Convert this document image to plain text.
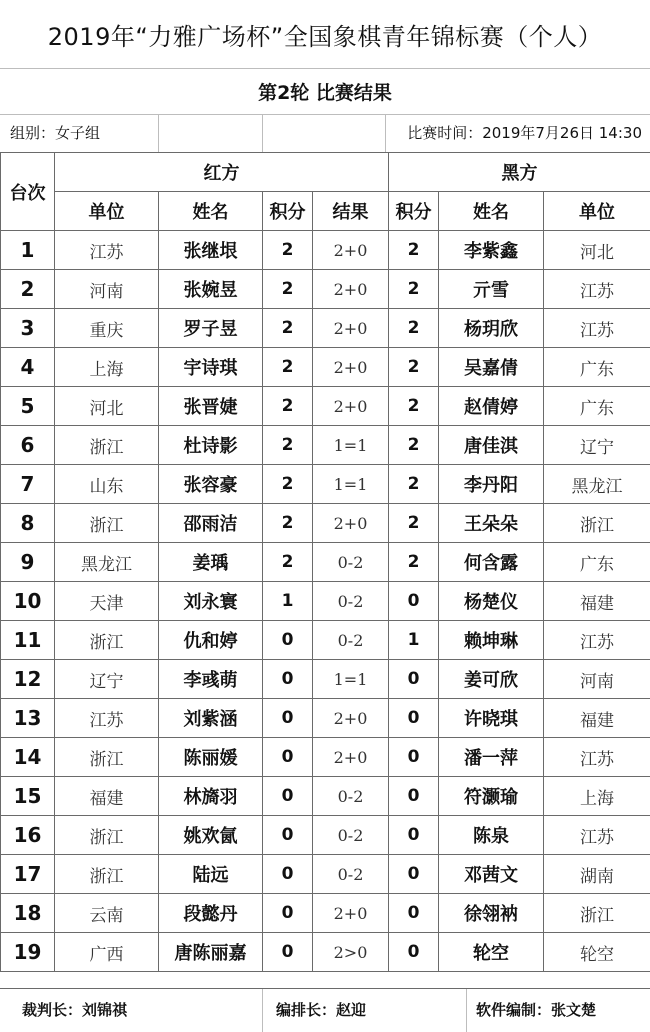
2019年“力雅广场杯”全国象棋青年锦标赛（个人）
第2轮 比赛结果
组别：女子组	比赛时间：2019年7月26日 14:30
台次	红方				黑方		
	单位	姓名	积分	结果	积分	姓名	单位
1	江苏	张继垠	2	2+0	2	李紫鑫	河北
2	河南	张婉昱	2	2+0	2	亓雪	江苏
3	重庆	罗子昱	2	2+0	2	杨玥欣	江苏
4	上海	宇诗琪	2	2+0	2	吴嘉倩	广东
5	河北	张晋婕	2	2+0	2	赵倩婷	广东
6	浙江	杜诗影	2	1=1	2	唐佳淇	辽宁
7	山东	张容豪	2	1=1	2	李丹阳	黑龙江
8	浙江	邵雨洁	2	2+0	2	王朵朵	浙江
9	黑龙江	姜瑀	2	0-2	2	何含露	广东
10	天津	刘永寰	1	0-2	0	杨楚仪	福建
11	浙江	仇和婷	0	0-2	1	赖坤琳	江苏
12	辽宁	李彧萌	0	1=1	0	姜可欣	河南
13	江苏	刘紫涵	0	2+0	0	许晓琪	福建
14	浙江	陈丽媛	0	2+0	0	潘一萍	江苏
15	福建	林旖羽	0	0-2	0	符灏瑜	上海
16	浙江	姚欢氤	0	0-2	0	陈泉	江苏
17	浙江	陆远	0	0-2	0	邓茜文	湖南
18	云南	段懿丹	0	2+0	0	徐翎衲	浙江
19	广西	唐陈丽嘉	0	2>0	0	轮空	轮空
裁判长：刘锦祺	编排长：赵迎	软件编制：张文楚
